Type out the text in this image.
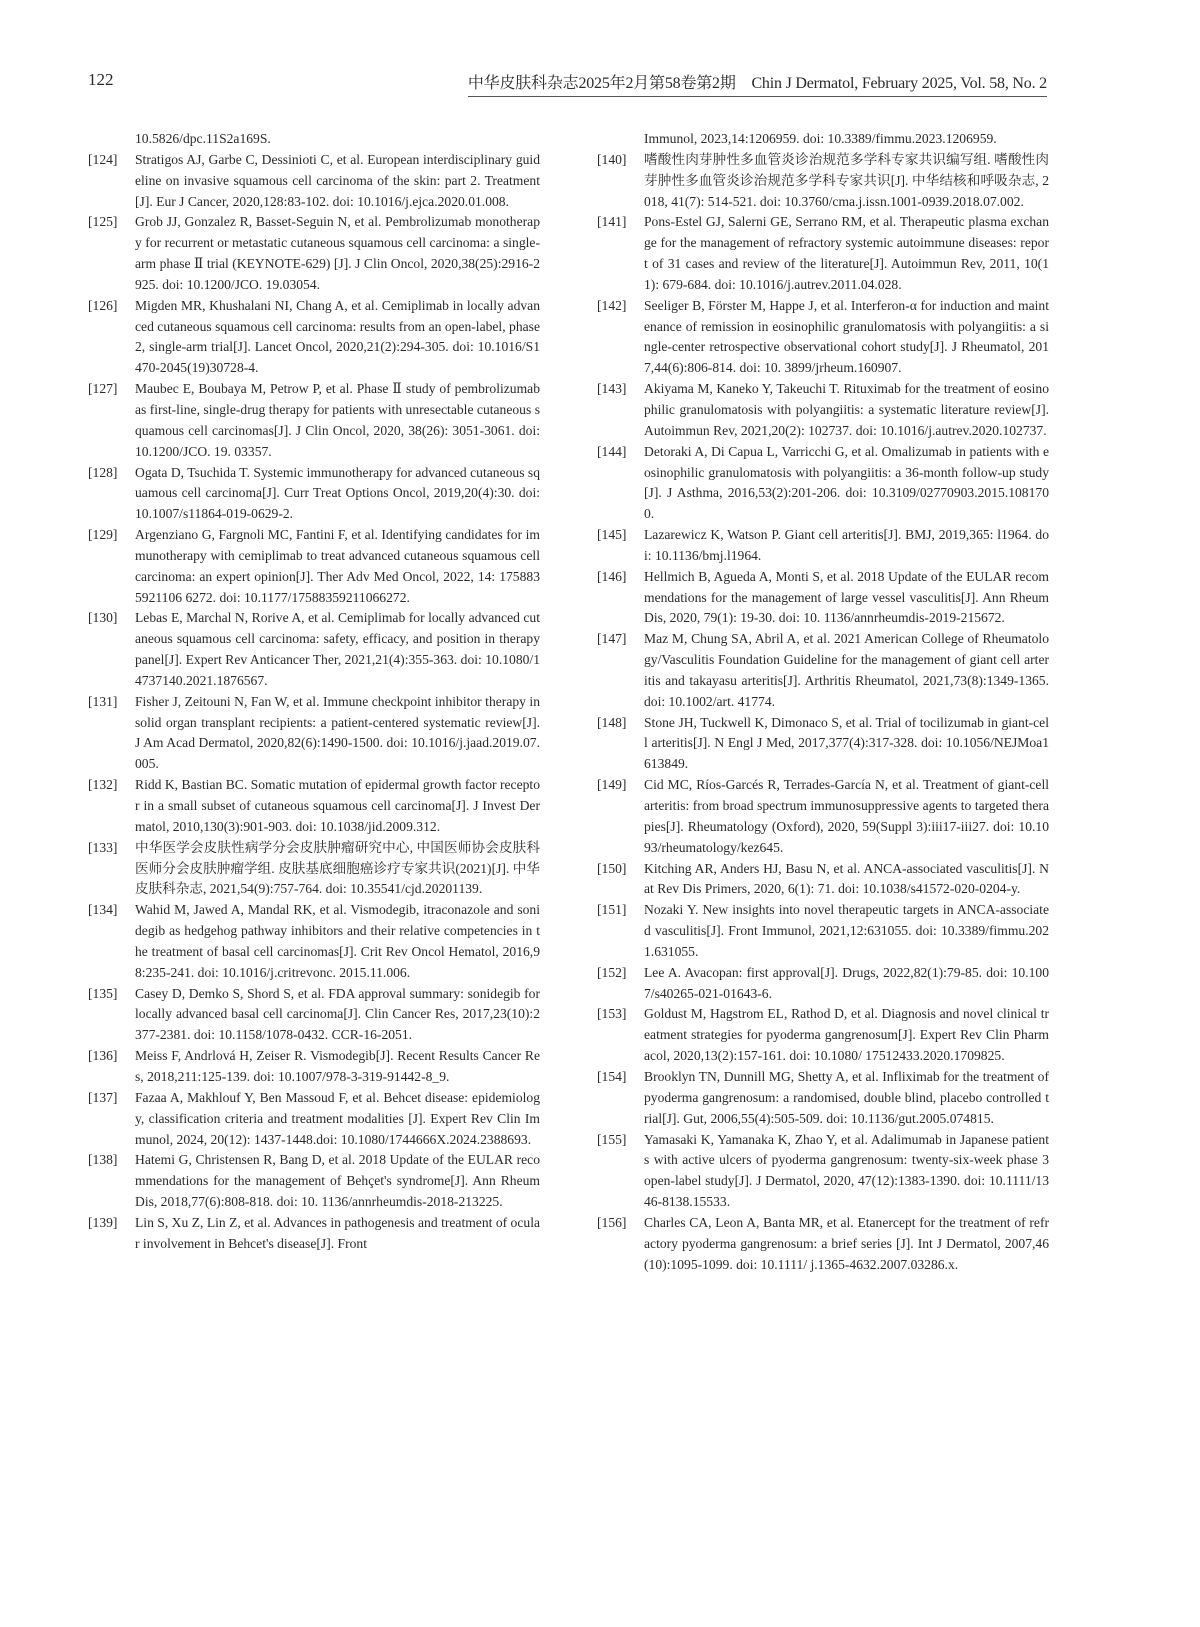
122	中华皮肤科杂志2025年2月第58卷第2期　Chin J Dermatol, February 2025, Vol. 58, No. 2
10.5826/dpc.11S2a169S.
[124]	Stratigos AJ, Garbe C, Dessinioti C, et al. European interdisciplinary guideline on invasive squamous cell carcinoma of the skin: part 2. Treatment[J]. Eur J Cancer, 2020,128:83-102. doi: 10.1016/j.ejca.2020.01.008.
[125]	Grob JJ, Gonzalez R, Basset-Seguin N, et al. Pembrolizumab monotherapy for recurrent or metastatic cutaneous squamous cell carcinoma: a single-arm phase Ⅱ trial (KEYNOTE-629) [J]. J Clin Oncol, 2020,38(25):2916-2925. doi: 10.1200/JCO. 19.03054.
[126]	Migden MR, Khushalani NI, Chang A, et al. Cemiplimab in locally advanced cutaneous squamous cell carcinoma: results from an open-label, phase 2, single-arm trial[J]. Lancet Oncol, 2020,21(2):294-305. doi: 10.1016/S1470-2045(19)30728-4.
[127]	Maubec E, Boubaya M, Petrow P, et al. Phase Ⅱ study of pembrolizumab as first-line, single-drug therapy for patients with unresectable cutaneous squamous cell carcinomas[J]. J Clin Oncol, 2020, 38(26): 3051-3061. doi: 10.1200/JCO. 19. 03357.
[128]	Ogata D, Tsuchida T. Systemic immunotherapy for advanced cutaneous squamous cell carcinoma[J]. Curr Treat Options Oncol, 2019,20(4):30. doi: 10.1007/s11864-019-0629-2.
[129]	Argenziano G, Fargnoli MC, Fantini F, et al. Identifying candidates for immunotherapy with cemiplimab to treat advanced cutaneous squamous cell carcinoma: an expert opinion[J]. Ther Adv Med Oncol, 2022, 14: 1758835921106 6272. doi: 10.1177/17588359211066272.
[130]	Lebas E, Marchal N, Rorive A, et al. Cemiplimab for locally advanced cutaneous squamous cell carcinoma: safety, efficacy, and position in therapy panel[J]. Expert Rev Anticancer Ther, 2021,21(4):355-363. doi: 10.1080/14737140.2021.1876567.
[131]	Fisher J, Zeitouni N, Fan W, et al. Immune checkpoint inhibitor therapy in solid organ transplant recipients: a patient-centered systematic review[J]. J Am Acad Dermatol, 2020,82(6):1490-1500. doi: 10.1016/j.jaad.2019.07.005.
[132]	Ridd K, Bastian BC. Somatic mutation of epidermal growth factor receptor in a small subset of cutaneous squamous cell carcinoma[J]. J Invest Dermatol, 2010,130(3):901-903. doi: 10.1038/jid.2009.312.
[133]	中华医学会皮肤性病学分会皮肤肿瘤研究中心, 中国医师协会皮肤科医师分会皮肤肿瘤学组. 皮肤基底细胞癌诊疗专家共识(2021)[J]. 中华皮肤科杂志, 2021,54(9):757-764. doi: 10.35541/cjd.20201139.
[134]	Wahid M, Jawed A, Mandal RK, et al. Vismodegib, itraconazole and sonidegib as hedgehog pathway inhibitors and their relative competencies in the treatment of basal cell carcinomas[J]. Crit Rev Oncol Hematol, 2016,98:235-241. doi: 10.1016/j.critrevonc. 2015.11.006.
[135]	Casey D, Demko S, Shord S, et al. FDA approval summary: sonidegib for locally advanced basal cell carcinoma[J]. Clin Cancer Res, 2017,23(10):2377-2381. doi: 10.1158/1078-0432. CCR-16-2051.
[136]	Meiss F, Andrlová H, Zeiser R. Vismodegib[J]. Recent Results Cancer Res, 2018,211:125-139. doi: 10.1007/978-3-319-91442-8_9.
[137]	Fazaa A, Makhlouf Y, Ben Massoud F, et al. Behcet disease: epidemiology, classification criteria and treatment modalities [J]. Expert Rev Clin Immunol, 2024, 20(12): 1437-1448.doi: 10.1080/1744666X.2024.2388693.
[138]	Hatemi G, Christensen R, Bang D, et al. 2018 Update of the EULAR recommendations for the management of Behçet's syndrome[J]. Ann Rheum Dis, 2018,77(6):808-818. doi: 10. 1136/annrheumdis-2018-213225.
[139]	Lin S, Xu Z, Lin Z, et al. Advances in pathogenesis and treatment of ocular involvement in Behcet's disease[J]. Front
Immunol, 2023,14:1206959. doi: 10.3389/fimmu.2023.1206959.
[140]	嗜酸性肉芽肿性多血管炎诊治规范多学科专家共识编写组. 嗜酸性肉芽肿性多血管炎诊治规范多学科专家共识[J]. 中华结核和呼吸杂志, 2018, 41(7): 514-521. doi: 10.3760/cma.j.issn.1001-0939.2018.07.002.
[141]	Pons-Estel GJ, Salerni GE, Serrano RM, et al. Therapeutic plasma exchange for the management of refractory systemic autoimmune diseases: report of 31 cases and review of the literature[J]. Autoimmun Rev, 2011, 10(11): 679-684. doi: 10.1016/j.autrev.2011.04.028.
[142]	Seeliger B, Förster M, Happe J, et al. Interferon-α for induction and maintenance of remission in eosinophilic granulomatosis with polyangiitis: a single-center retrospective observational cohort study[J]. J Rheumatol, 2017,44(6):806-814. doi: 10. 3899/jrheum.160907.
[143]	Akiyama M, Kaneko Y, Takeuchi T. Rituximab for the treatment of eosinophilic granulomatosis with polyangiitis: a systematic literature review[J]. Autoimmun Rev, 2021,20(2): 102737. doi: 10.1016/j.autrev.2020.102737.
[144]	Detoraki A, Di Capua L, Varricchi G, et al. Omalizumab in patients with eosinophilic granulomatosis with polyangiitis: a 36-month follow-up study[J]. J Asthma, 2016,53(2):201-206. doi: 10.3109/02770903.2015.1081700.
[145]	Lazarewicz K, Watson P. Giant cell arteritis[J]. BMJ, 2019,365: l1964. doi: 10.1136/bmj.l1964.
[146]	Hellmich B, Agueda A, Monti S, et al. 2018 Update of the EULAR recommendations for the management of large vessel vasculitis[J]. Ann Rheum Dis, 2020, 79(1): 19-30. doi: 10. 1136/annrheumdis-2019-215672.
[147]	Maz M, Chung SA, Abril A, et al. 2021 American College of Rheumatology/Vasculitis Foundation Guideline for the management of giant cell arteritis and takayasu arteritis[J]. Arthritis Rheumatol, 2021,73(8):1349-1365. doi: 10.1002/art. 41774.
[148]	Stone JH, Tuckwell K, Dimonaco S, et al. Trial of tocilizumab in giant-cell arteritis[J]. N Engl J Med, 2017,377(4):317-328. doi: 10.1056/NEJMoa1613849.
[149]	Cid MC, Ríos-Garcés R, Terrades-García N, et al. Treatment of giant-cell arteritis: from broad spectrum immunosuppressive agents to targeted therapies[J]. Rheumatology (Oxford), 2020, 59(Suppl 3):iii17-iii27. doi: 10.1093/rheumatology/kez645.
[150]	Kitching AR, Anders HJ, Basu N, et al. ANCA-associated vasculitis[J]. Nat Rev Dis Primers, 2020, 6(1): 71. doi: 10.1038/s41572-020-0204-y.
[151]	Nozaki Y. New insights into novel therapeutic targets in ANCA-associated vasculitis[J]. Front Immunol, 2021,12:631055. doi: 10.3389/fimmu.2021.631055.
[152]	Lee A. Avacopan: first approval[J]. Drugs, 2022,82(1):79-85. doi: 10.1007/s40265-021-01643-6.
[153]	Goldust M, Hagstrom EL, Rathod D, et al. Diagnosis and novel clinical treatment strategies for pyoderma gangrenosum[J]. Expert Rev Clin Pharmacol, 2020,13(2):157-161. doi: 10.1080/ 17512433.2020.1709825.
[154]	Brooklyn TN, Dunnill MG, Shetty A, et al. Infliximab for the treatment of pyoderma gangrenosum: a randomised, double blind, placebo controlled trial[J]. Gut, 2006,55(4):505-509. doi: 10.1136/gut.2005.074815.
[155]	Yamasaki K, Yamanaka K, Zhao Y, et al. Adalimumab in Japanese patients with active ulcers of pyoderma gangrenosum: twenty-six-week phase 3 open-label study[J]. J Dermatol, 2020, 47(12):1383-1390. doi: 10.1111/1346-8138.15533.
[156]	Charles CA, Leon A, Banta MR, et al. Etanercept for the treatment of refractory pyoderma gangrenosum: a brief series [J]. Int J Dermatol, 2007,46(10):1095-1099. doi: 10.1111/ j.1365-4632.2007.03286.x.
